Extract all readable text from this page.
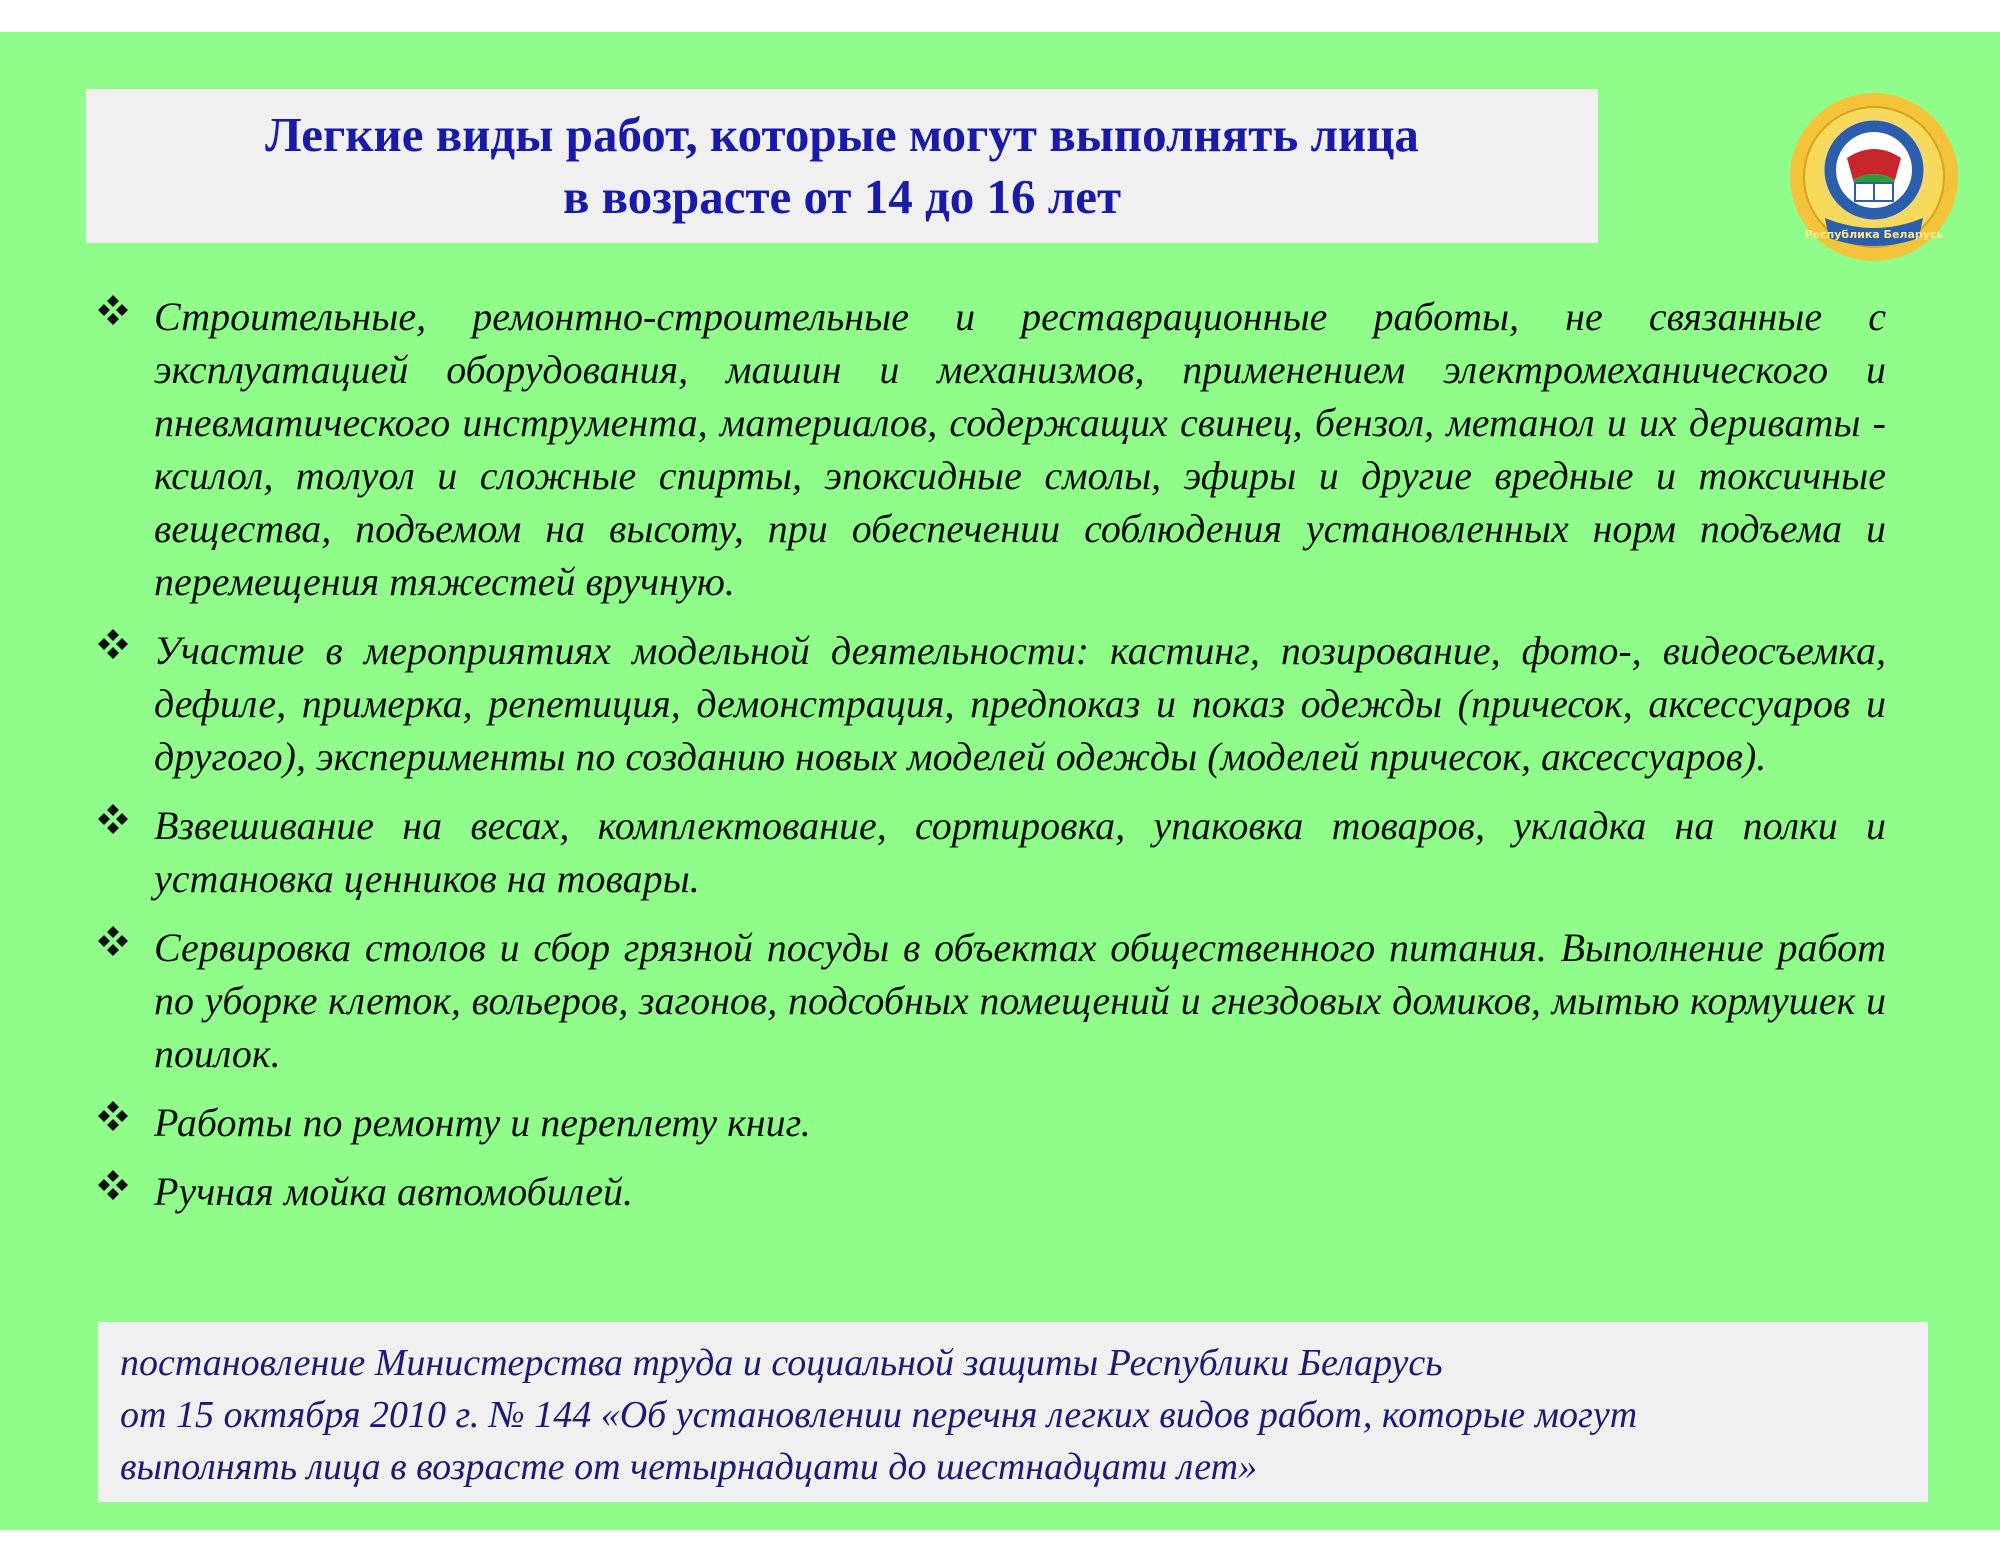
Легкие виды работ, которые могут выполнять лица
в возрасте от 14 до 16 лет
Республика Беларусь
Строительные, ремонтно-строительные и реставрационные работы, не связанные с эксплуатацией оборудования, машин и механизмов, применением электромеханического и пневматического инструмента, материалов, содержащих свинец, бензол, метанол и их дериваты - ксилол, толуол и сложные спирты, эпоксидные смолы, эфиры и другие вредные и токсичные вещества, подъемом на высоту, при обеспечении соблюдения установленных норм подъема и перемещения тяжестей вручную.
Участие в мероприятиях модельной деятельности: кастинг, позирование, фото-, видеосъемка, дефиле, примерка, репетиция, демонстрация, предпоказ и показ одежды (причесок, аксессуаров и другого), эксперименты по созданию новых моделей одежды (моделей причесок, аксессуаров).
Взвешивание на весах, комплектование, сортировка, упаковка товаров, укладка на полки и установка ценников на товары.
Сервировка столов и сбор грязной посуды в объектах общественного питания. Выполнение работ по уборке клеток, вольеров, загонов, подсобных помещений и гнездовых домиков, мытью кормушек и поилок.
Работы по ремонту и переплету книг.
Ручная мойка автомобилей.
постановление Министерства труда и социальной защиты Республики Беларусь
от 15 октября 2010 г. № 144 «Об установлении перечня легких видов работ, которые могут
выполнять лица в возрасте от четырнадцати до шестнадцати лет»
